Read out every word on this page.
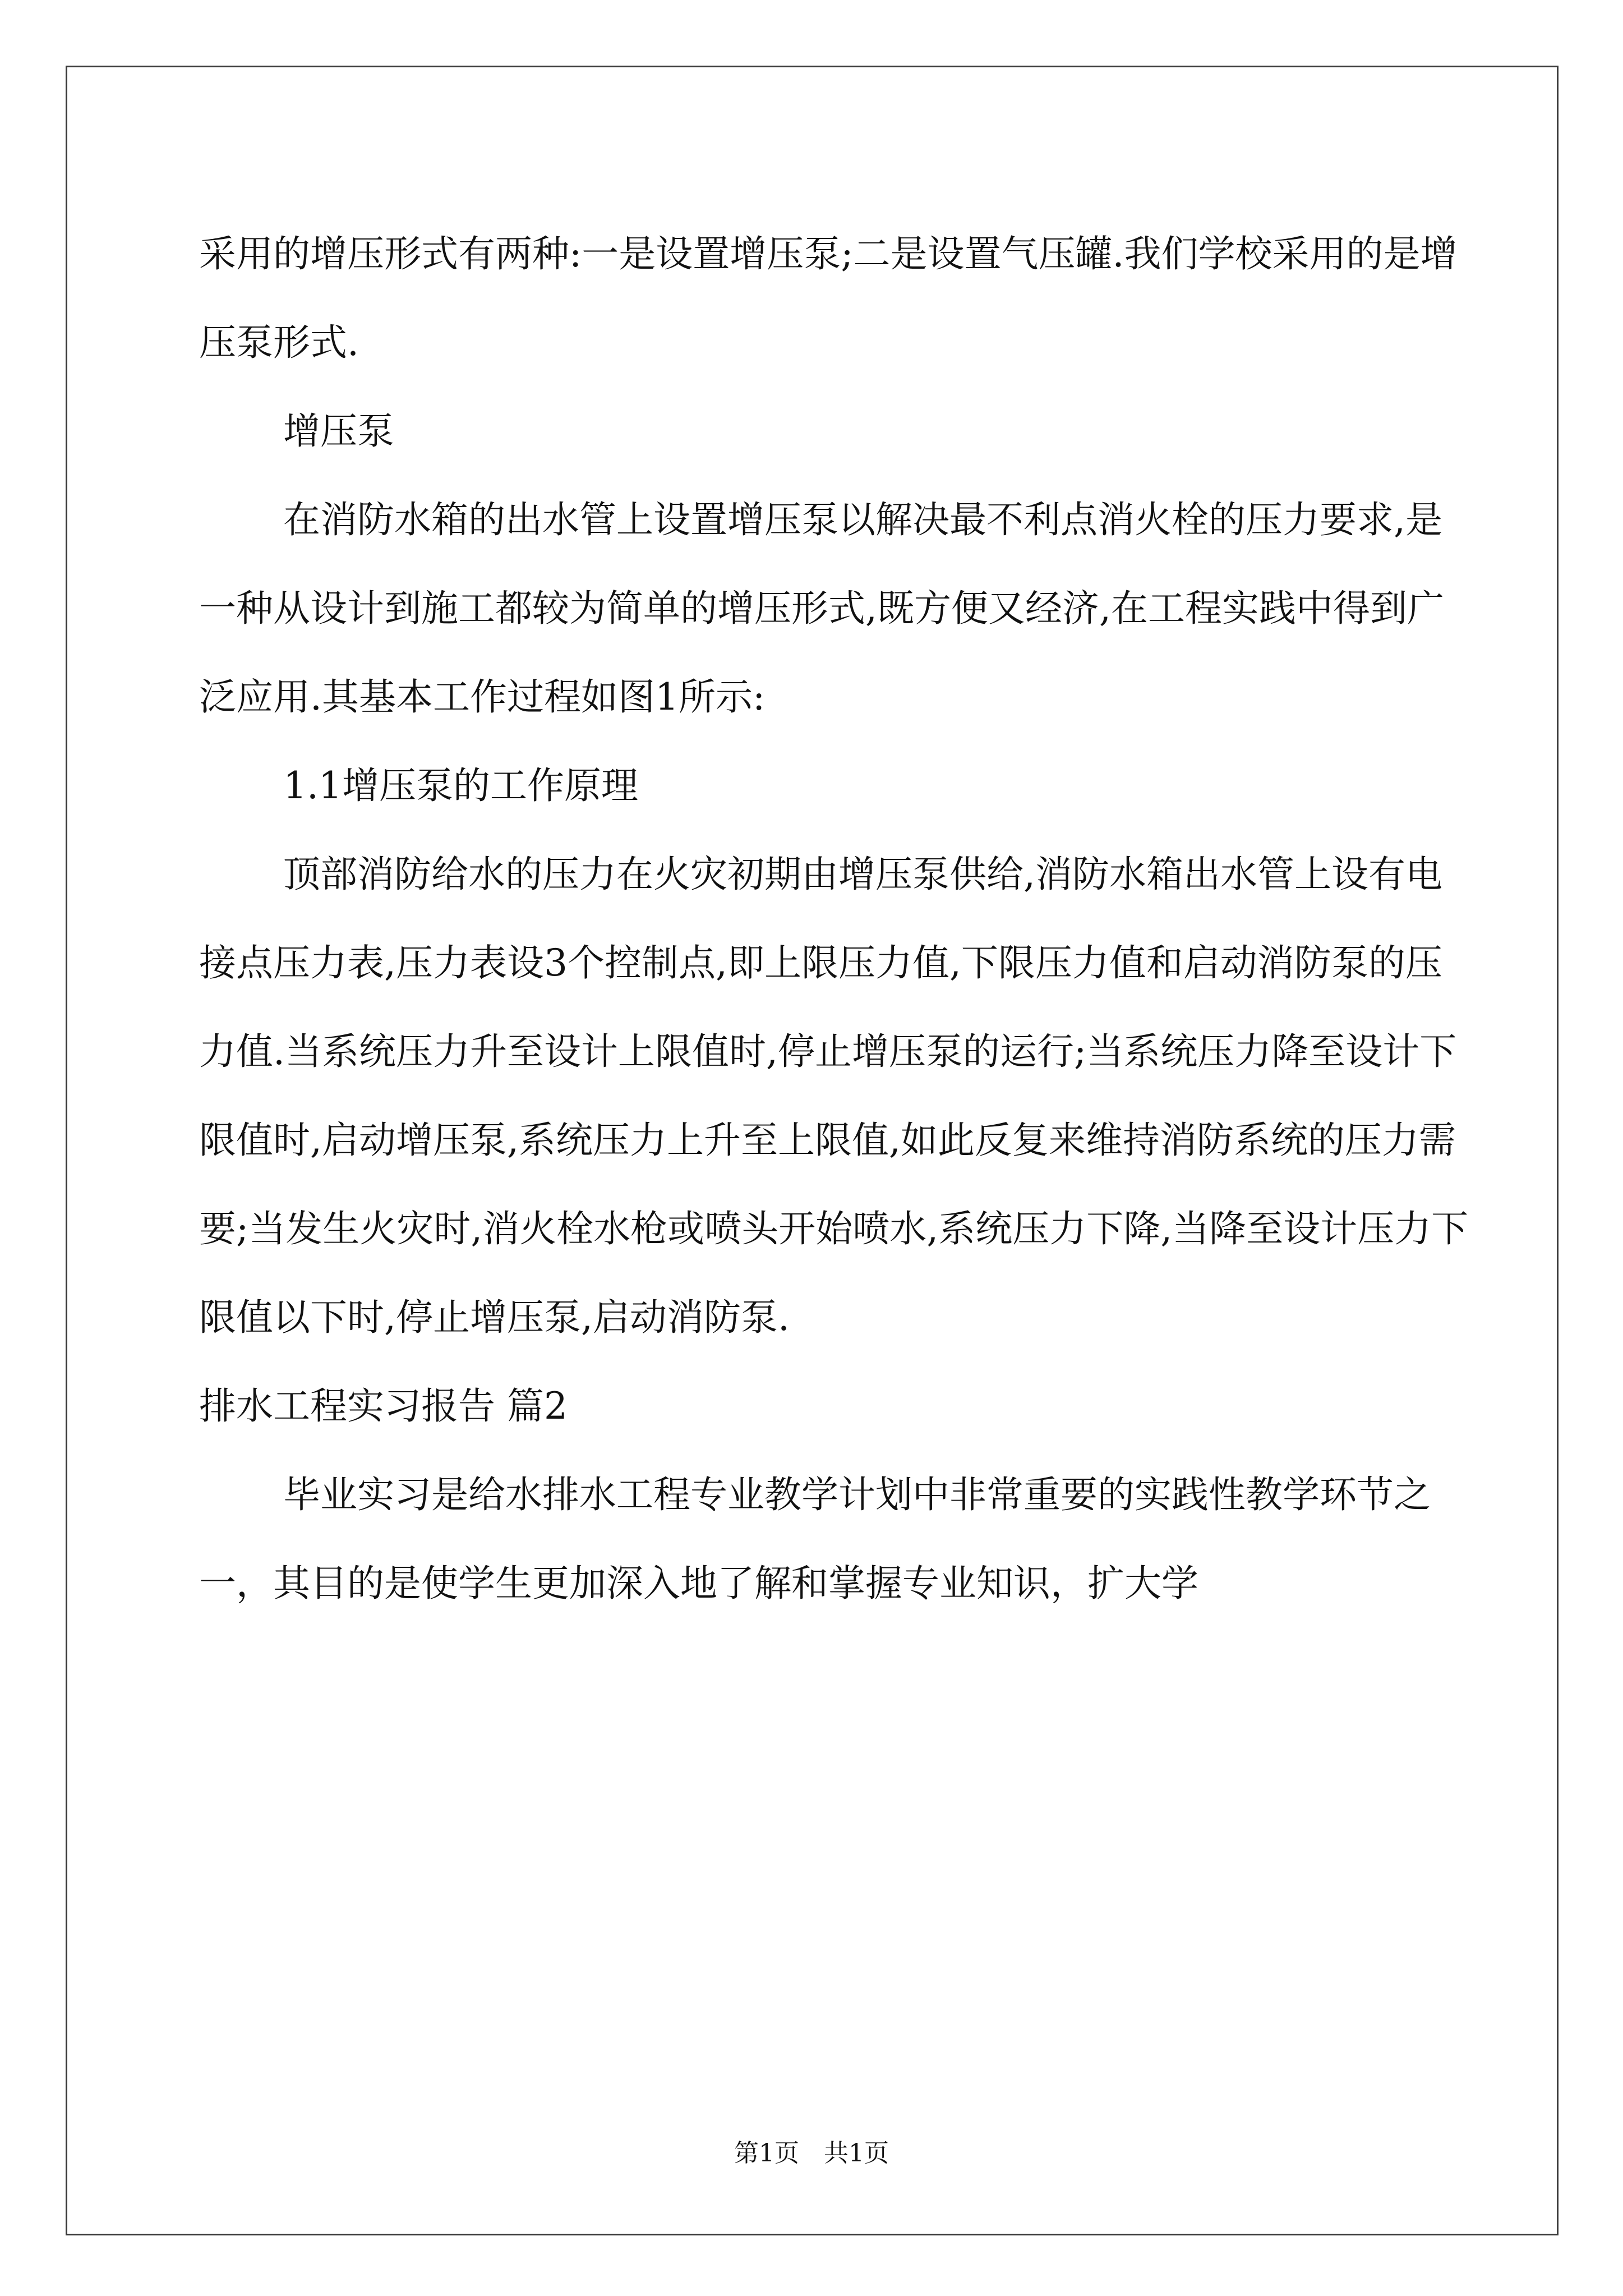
采用的增压形式有两种:一是设置增压泵;二是设置气压罐.我们学校采用的是增压泵形式.

增压泵

在消防水箱的出水管上设置增压泵以解决最不利点消火栓的压力要求,是一种从设计到施工都较为简单的增压形式,既方便又经济,在工程实践中得到广泛应用.其基本工作过程如图1所示:

1.1增压泵的工作原理

顶部消防给水的压力在火灾初期由增压泵供给,消防水箱出水管上设有电接点压力表,压力表设3个控制点,即上限压力值,下限压力值和启动消防泵的压 力值.当系统压力升至设计上限值时,停止增压泵的运行;当系统压力降至设计下限值时,启动增压泵,系统压力上升至上限值,如此反复来维持消防系统的压力需要;当发生火灾时,消火栓水枪或喷头开始喷水,系统压力下降,当降至设计压力下限值以下时,停止增压泵,启动消防泵.

排水工程实习报告 篇2

毕业实习是给水排水工程专业教学计划中非常重要的实践性教学环节之一，其目的是使学生更加深入地了解和掌握专业知识，扩大学

第1页　共1页
